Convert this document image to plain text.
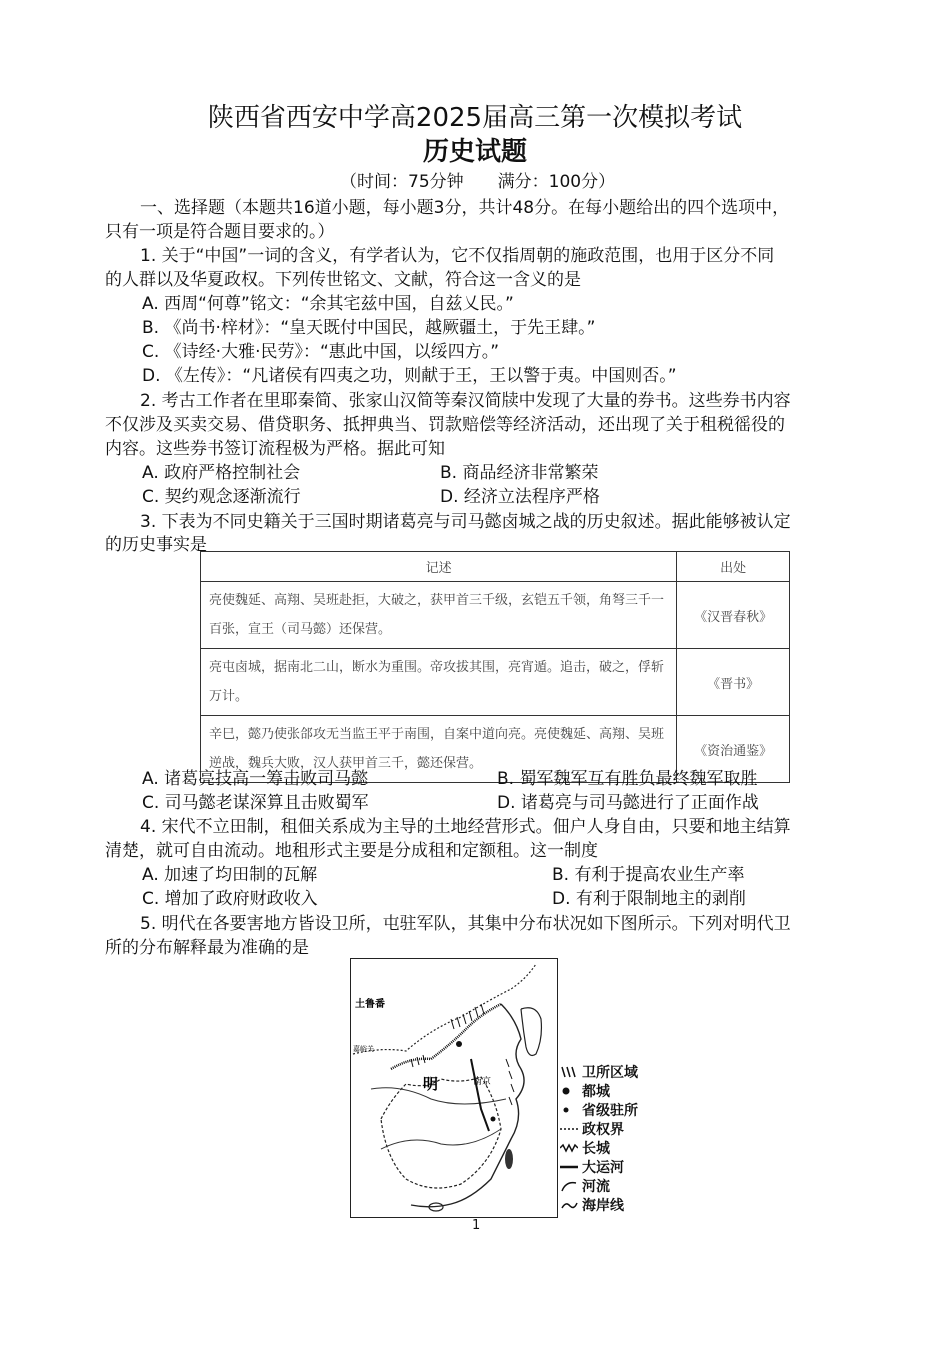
陕西省西安中学高2025届高三第一次模拟考试
历史试题
（时间：75分钟　　满分：100分）
一、选择题（本题共16道小题，每小题3分，共计48分。在每小题给出的四个选项中，
只有一项是符合题目要求的。）
1. 关于“中国”一词的含义，有学者认为，它不仅指周朝的施政范围，也用于区分不同
的人群以及华夏政权。下列传世铭文、文献，符合这一含义的是
A. 西周“何尊”铭文：“余其宅兹中国，自兹乂民。”
B. 《尚书·梓材》：“皇天既付中国民，越厥疆土，于先王肆。”
C. 《诗经·大雅·民劳》：“惠此中国，以绥四方。”
D. 《左传》：“凡诸侯有四夷之功，则献于王，王以警于夷。中国则否。”
2. 考古工作者在里耶秦简、张家山汉简等秦汉简牍中发现了大量的券书。这些券书内容
不仅涉及买卖交易、借贷职务、抵押典当、罚款赔偿等经济活动，还出现了关于租税徭役的
内容。这些券书签订流程极为严格。据此可知
A. 政府严格控制社会	B. 商品经济非常繁荣
C. 契约观念逐渐流行	D. 经济立法程序严格
3. 下表为不同史籍关于三国时期诸葛亮与司马懿卤城之战的历史叙述。据此能够被认定
的历史事实是
记述	出处
亮使魏延、高翔、吴班赴拒，大破之，获甲首三千级，玄铠五千领，角弩三千一百张，宣王（司马懿）还保营。	《汉晋春秋》
亮屯卤城，据南北二山，断水为重围。帝攻拔其围，亮宵遁。追击，破之，俘斩万计。	《晋书》
辛巳，懿乃使张郃攻无当监王平于南围，自案中道向亮。亮使魏延、高翔、吴班逆战，魏兵大败，汉人获甲首三千，懿还保营。	《资治通鉴》
A. 诸葛亮技高一筹击败司马懿	B. 蜀军魏军互有胜负最终魏军取胜
C. 司马懿老谋深算且击败蜀军	D. 诸葛亮与司马懿进行了正面作战
4. 宋代不立田制，租佃关系成为主导的土地经营形式。佃户人身自由，只要和地主结算
清楚，就可自由流动。地租形式主要是分成租和定额租。这一制度
A. 加速了均田制的瓦解	B. 有利于提高农业生产率
C. 增加了政府财政收入	D. 有利于限制地主的剥削
5. 明代在各要害地方皆设卫所，屯驻军队，其集中分布状况如下图所示。下列对明代卫
所的分布解释最为准确的是
土鲁番
嘉峪关
明	南京
卫所区域
都城
省级驻所
政权界
长城
大运河
河流
海岸线
1
